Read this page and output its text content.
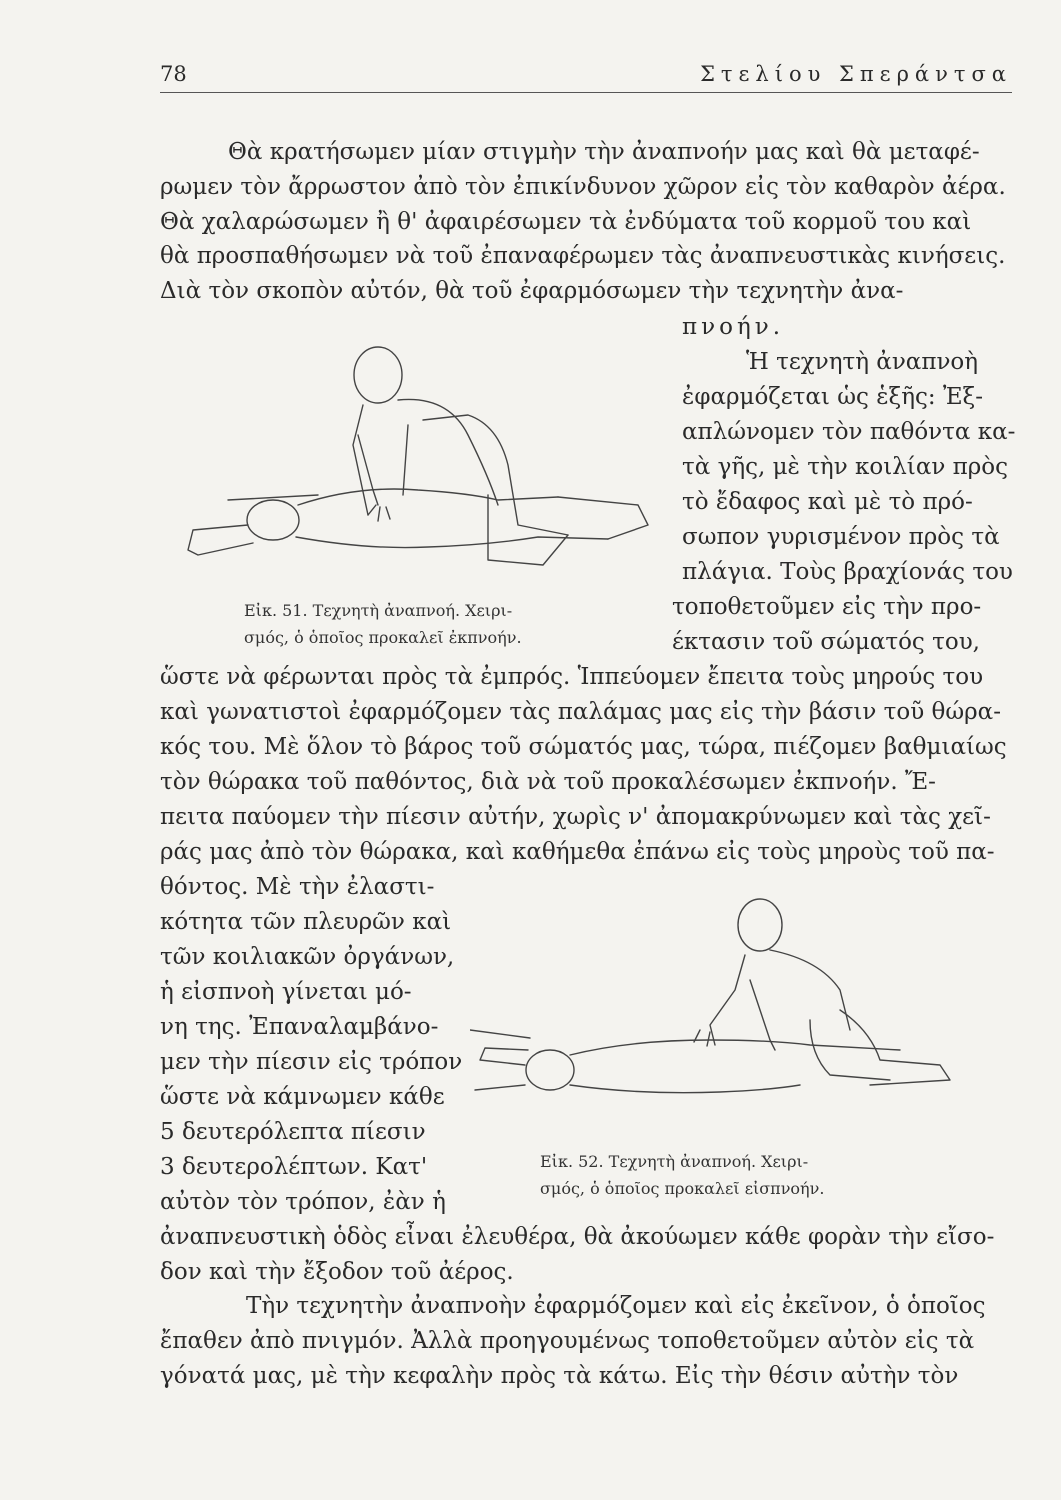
78	Στελίου Σπεράντσα
Θὰ κρατήσωμεν μίαν στιγμὴν τὴν ἀναπνοήν μας καὶ θὰ μεταφέ-
ρωμεν τὸν ἄρρωστον ἀπὸ τὸν ἐπικίνδυνον χῶρον εἰς τὸν καθαρὸν ἀέρα.
Θὰ χαλαρώσωμεν ἢ θ' ἀφαιρέσωμεν τὰ ἐνδύματα τοῦ κορμοῦ του καὶ
θὰ προσπαθήσωμεν νὰ τοῦ ἐπαναφέρωμεν τὰς ἀναπνευστικὰς κινήσεις.
Διὰ τὸν σκοπὸν αὐτόν, θὰ τοῦ ἐφαρμόσωμεν τὴν τεχνητὴν ἀνα-
πνοήν.
Ἡ τεχνητὴ ἀναπνοὴ
ἐφαρμόζεται ὡς ἑξῆς: Ἐξ-
απλώνομεν τὸν παθόντα κα-
τὰ γῆς, μὲ τὴν κοιλίαν πρὸς
τὸ ἔδαφος καὶ μὲ τὸ πρό-
σωπον γυρισμένον πρὸς τὰ
πλάγια. Τοὺς βραχίονάς του
τοποθετοῦμεν εἰς τὴν προ-
έκτασιν τοῦ σώματός του,
Εἰκ. 51. Τεχνητὴ ἀναπνοή. Χειρι-
σμός, ὁ ὁποῖος προκαλεῖ ἐκπνοήν.
ὥστε νὰ φέρωνται πρὸς τὰ ἐμπρός. Ἱππεύομεν ἔπειτα τοὺς μηρούς του
καὶ γωνατιστοὶ ἐφαρμόζομεν τὰς παλάμας μας εἰς τὴν βάσιν τοῦ θώρα-
κός του. Μὲ ὅλον τὸ βάρος τοῦ σώματός μας, τώρα, πιέζομεν βαθμιαίως
τὸν θώρακα τοῦ παθόντος, διὰ νὰ τοῦ προκαλέσωμεν ἐκπνοήν. Ἔ-
πειτα παύομεν τὴν πίεσιν αὐτήν, χωρὶς ν' ἀπομακρύνωμεν καὶ τὰς χεῖ-
ράς μας ἀπὸ τὸν θώρακα, καὶ καθήμεθα ἐπάνω εἰς τοὺς μηροὺς τοῦ πα-
θόντος. Μὲ τὴν ἐλαστι-
κότητα τῶν πλευρῶν καὶ
τῶν κοιλιακῶν ὀργάνων,
ἡ εἰσπνοὴ γίνεται μό-
νη της. Ἐπαναλαμβάνο-
μεν τὴν πίεσιν εἰς τρόπον
ὥστε νὰ κάμνωμεν κάθε
5 δευτερόλεπτα πίεσιν
3 δευτερολέπτων. Κατ'
αὐτὸν τὸν τρόπον, ἐὰν ἡ
Εἰκ. 52. Τεχνητὴ ἀναπνοή. Χειρι-
σμός, ὁ ὁποῖος προκαλεῖ εἰσπνοήν.
ἀναπνευστικὴ ὁδὸς εἶναι ἐλευθέρα, θὰ ἀκούωμεν κάθε φορὰν τὴν εἴσο-
δον καὶ τὴν ἔξοδον τοῦ ἀέρος.
Τὴν τεχνητὴν ἀναπνοὴν ἐφαρμόζομεν καὶ εἰς ἐκεῖνον, ὁ ὁποῖος
ἔπαθεν ἀπὸ πνιγμόν. Ἀλλὰ προηγουμένως τοποθετοῦμεν αὐτὸν εἰς τὰ
γόνατά μας, μὲ τὴν κεφαλὴν πρὸς τὰ κάτω. Εἰς τὴν θέσιν αὐτὴν τὸν
